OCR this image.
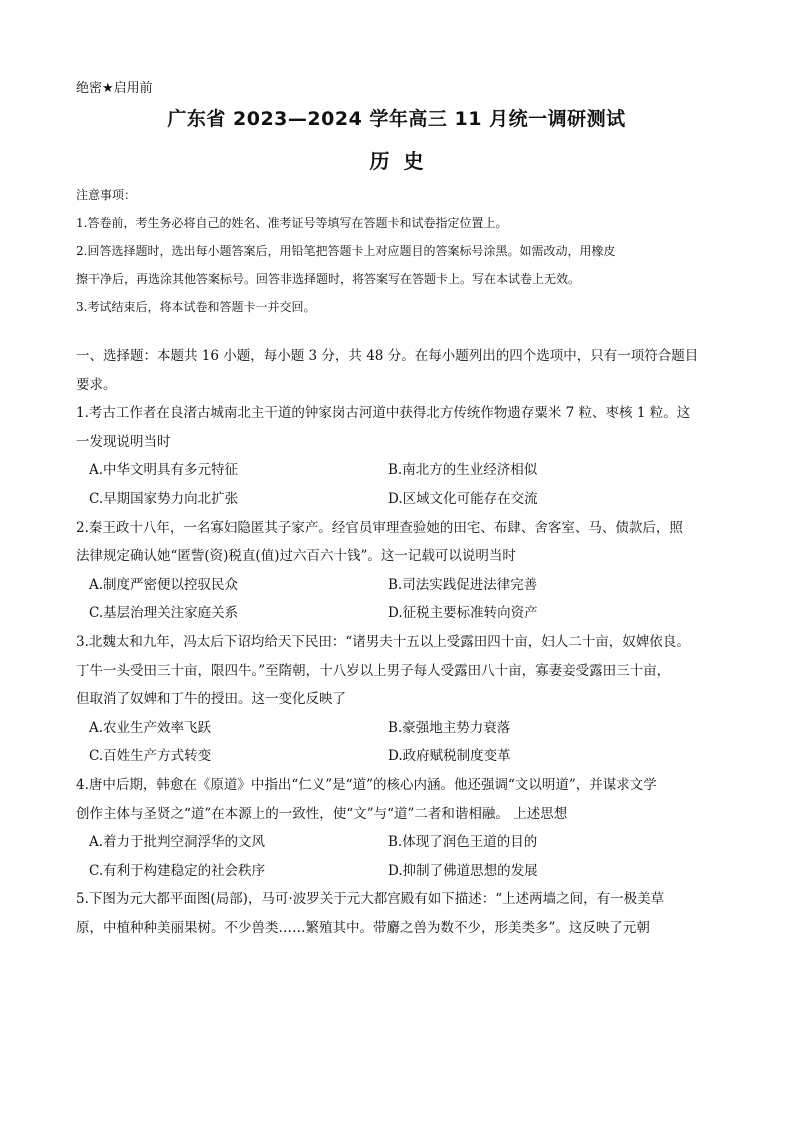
绝密★启用前
广东省 2023—2024 学年高三 11 月统一调研测试
历史
注意事项：
1.答卷前，考生务必将自己的姓名、准考证号等填写在答题卡和试卷指定位置上。
2.回答选择题时，选出每小题答案后，用铅笔把答题卡上对应题目的答案标号涂黑。如需改动，用橡皮
擦干净后，再选涂其他答案标号。回答非选择题时，将答案写在答题卡上。写在本试卷上无效。
3.考试结束后，将本试卷和答题卡一并交回。
一、选择题：本题共 16 小题，每小题 3 分，共 48 分。在每小题列出的四个选项中，只有一项符合题目
要求。
1.考古工作者在良渚古城南北主干道的钟家岗古河道中获得北方传统作物遗存粟米 7 粒、枣核 1 粒。这
一发现说明当时
A.中华文明具有多元特征	B.南北方的生业经济相似
C.早期国家势力向北扩张	D.区域文化可能存在交流
2.秦王政十八年，一名寡妇隐匿其子家产。经官员审理查验她的田宅、布肆、舍客室、马、债款后，照
法律规定确认她“匿訾(资)税直(值)过六百六十钱”。这一记载可以说明当时
A.制度严密便以控驭民众	B.司法实践促进法律完善
C.基层治理关注家庭关系	D.征税主要标准转向资产
3.北魏太和九年，冯太后下诏均给天下民田：“诸男夫十五以上受露田四十亩，妇人二十亩，奴婢依良。
丁牛一头受田三十亩，限四牛。”至隋朝，十八岁以上男子每人受露田八十亩，寡妻妾受露田三十亩，
但取消了奴婢和丁牛的授田。这一变化反映了
A.农业生产效率飞跃	B.豪强地主势力衰落
C.百姓生产方式转变	D.政府赋税制度变革
4.唐中后期，韩愈在《原道》中指出“仁义”是“道”的核心内涵。他还强调“文以明道”，并谋求文学
创作主体与圣贤之“道”在本源上的一致性，使“文”与“道”二者和谐相融。 上述思想
A.着力于批判空洞浮华的文风	B.体现了润色王道的目的
C.有利于构建稳定的社会秩序	D.抑制了佛道思想的发展
5.下图为元大都平面图(局部)，马可·波罗关于元大都宫殿有如下描述：“上述两墙之间，有一极美草
原，中植种种美丽果树。不少兽类……繁殖其中。带麝之兽为数不少，形美类多”。这反映了元朝
